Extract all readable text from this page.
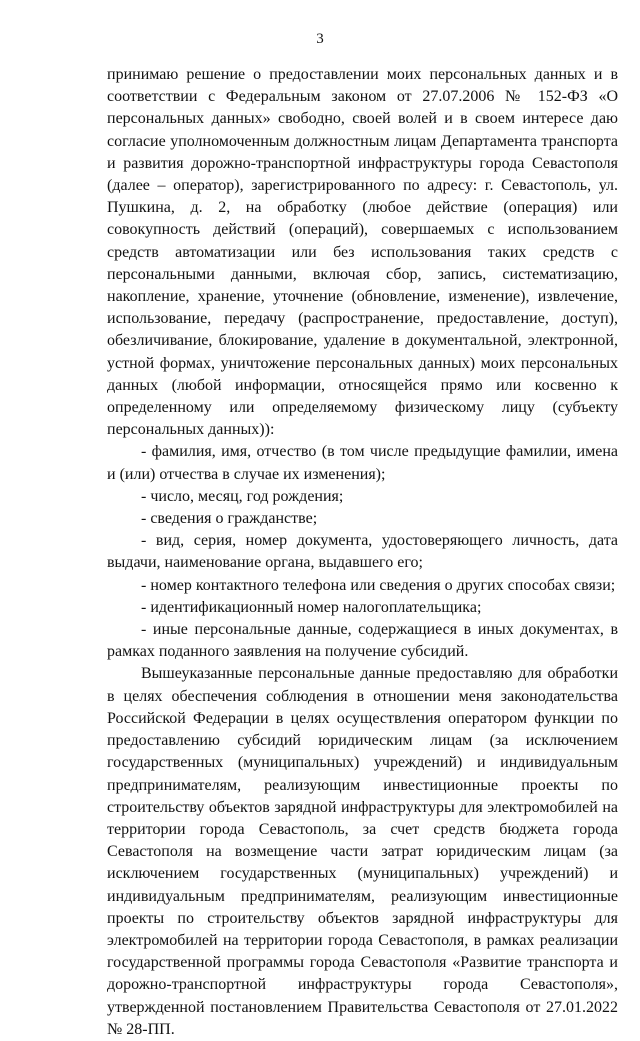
3

принимаю решение о предоставлении моих персональных данных и в соответствии с Федеральным законом от 27.07.2006 № 152-ФЗ «О персональных данных» свободно, своей волей и в своем интересе даю согласие уполномоченным должностным лицам Департамента транспорта и развития дорожно-транспортной инфраструктуры города Севастополя (далее – оператор), зарегистрированного по адресу: г. Севастополь, ул. Пушкина, д. 2, на обработку (любое действие (операция) или совокупность действий (операций), совершаемых с использованием средств автоматизации или без использования таких средств с персональными данными, включая сбор, запись, систематизацию, накопление, хранение, уточнение (обновление, изменение), извлечение, использование, передачу (распространение, предоставление, доступ), обезличивание, блокирование, удаление в документальной, электронной, устной формах, уничтожение персональных данных) моих персональных данных (любой информации, относящейся прямо или косвенно к определенному или определяемому физическому лицу (субъекту персональных данных)):

- фамилия, имя, отчество (в том числе предыдущие фамилии, имена и (или) отчества в случае их изменения);

- число, месяц, год рождения;

- сведения о гражданстве;

- вид, серия, номер документа, удостоверяющего личность, дата выдачи, наименование органа, выдавшего его;

- номер контактного телефона или сведения о других способах связи;

- идентификационный номер налогоплательщика;

- иные персональные данные, содержащиеся в иных документах, в рамках поданного заявления на получение субсидий.

Вышеуказанные персональные данные предоставляю для обработки в целях обеспечения соблюдения в отношении меня законодательства Российской Федерации в целях осуществления оператором функции по предоставлению субсидий юридическим лицам (за исключением государственных (муниципальных) учреждений) и индивидуальным предпринимателям, реализующим инвестиционные проекты по строительству объектов зарядной инфраструктуры для электромобилей на территории города Севастополь, за счет средств бюджета города Севастополя на возмещение части затрат юридическим лицам (за исключением государственных (муниципальных) учреждений) и индивидуальным предпринимателям, реализующим инвестиционные проекты по строительству объектов зарядной инфраструктуры для электромобилей на территории города Севастополя, в рамках реализации государственной программы города Севастополя «Развитие транспорта и дорожно-транспортной инфраструктуры города Севастополя», утвержденной постановлением Правительства Севастополя от 27.01.2022 № 28-ПП.
